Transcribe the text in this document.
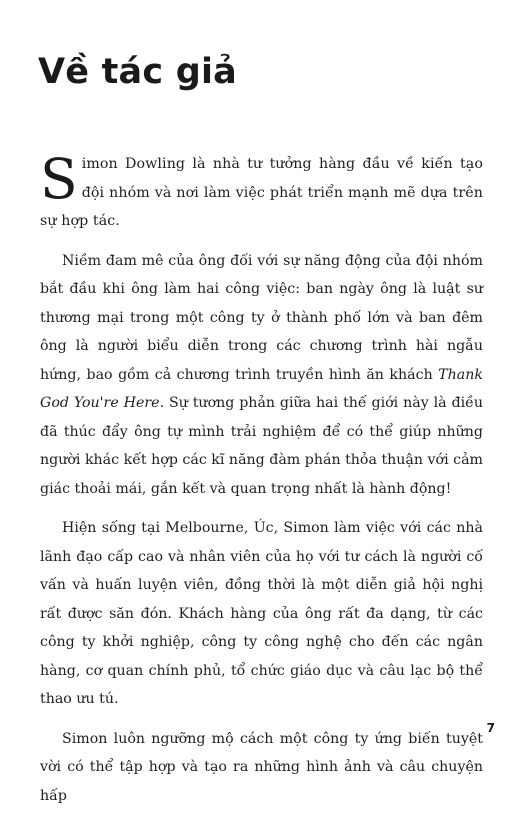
Về tác giả

Simon Dowling là nhà tư tưởng hàng đầu về kiến tạo đội nhóm và nơi làm việc phát triển mạnh mẽ dựa trên sự hợp tác.

Niềm đam mê của ông đối với sự năng động của đội nhóm bắt đầu khi ông làm hai công việc: ban ngày ông là luật sư thương mại trong một công ty ở thành phố lớn và ban đêm ông là người biểu diễn trong các chương trình hài ngẫu hứng, bao gồm cả chương trình truyền hình ăn khách Thank God You're Here. Sự tương phản giữa hai thế giới này là điều đã thúc đẩy ông tự mình trải nghiệm để có thể giúp những người khác kết hợp các kĩ năng đàm phán thỏa thuận với cảm giác thoải mái, gắn kết và quan trọng nhất là hành động!

Hiện sống tại Melbourne, Úc, Simon làm việc với các nhà lãnh đạo cấp cao và nhân viên của họ với tư cách là người cố vấn và huấn luyện viên, đồng thời là một diễn giả hội nghị rất được săn đón. Khách hàng của ông rất đa dạng, từ các công ty khởi nghiệp, công ty công nghệ cho đến các ngân hàng, cơ quan chính phủ, tổ chức giáo dục và câu lạc bộ thể thao ưu tú.

Simon luôn ngưỡng mộ cách một công ty ứng biến tuyệt vời có thể tập hợp và tạo ra những hình ảnh và câu chuyện hấp

7
